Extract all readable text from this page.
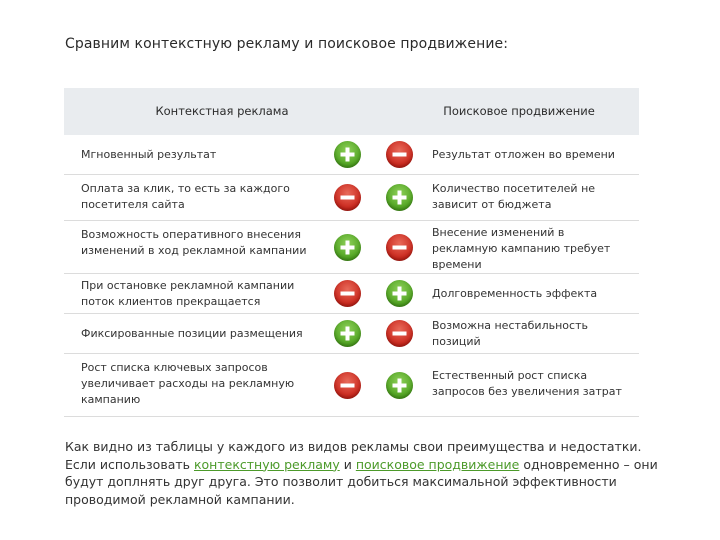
Сравним контекстную рекламу и поисковое продвижение:
Контекстная реклама	Поисковое продвижение
Мгновенный результат	Результат отложен во времени
Оплата за клик, то есть за каждого посетителя сайта
Количество посетителей не зависит от бюджета
Возможность оперативного внесения изменений в ход рекламной кампании
Внесение изменений в рекламную кампанию требует времени
При остановке рекламной кампании поток клиентов прекращается
Долговременность эффекта
Фиксированные позиции размещения
Возможна нестабильность позиций
Рост списка ключевых запросов увеличивает расходы на рекламную кампанию
Естественный рост списка запросов без увеличения затрат
Как видно из таблицы у каждого из видов рекламы свои преимущества и недостатки. Если использовать контекстную рекламу и поисковое продвижение одновременно – они будут доплнять друг друга. Это позволит добиться максимальной эффективности проводимой рекламной кампании.
